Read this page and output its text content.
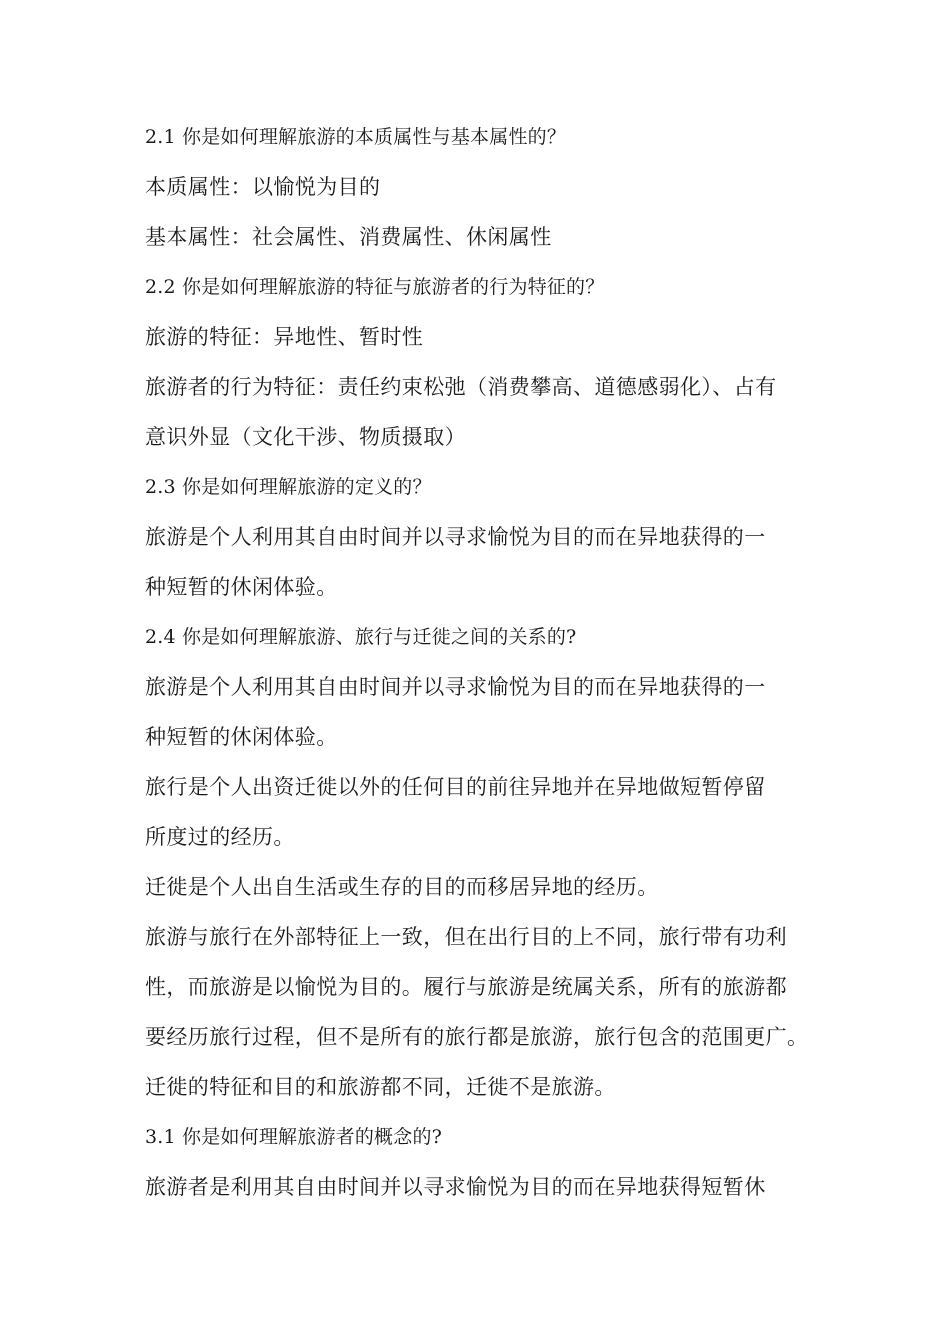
2.1 你是如何理解旅游的本质属性与基本属性的？
本质属性：以愉悦为目的
基本属性：社会属性、消费属性、休闲属性
2.2 你是如何理解旅游的特征与旅游者的行为特征的？
旅游的特征：异地性、暂时性
旅游者的行为特征：责任约束松弛（消费攀高、道德感弱化）、占有
意识外显（文化干涉、物质摄取）
2.3 你是如何理解旅游的定义的？
旅游是个人利用其自由时间并以寻求愉悦为目的而在异地获得的一
种短暂的休闲体验。
2.4 你是如何理解旅游、旅行与迁徙之间的关系的?
旅游是个人利用其自由时间并以寻求愉悦为目的而在异地获得的一
种短暂的休闲体验。
旅行是个人出资迁徙以外的任何目的前往异地并在异地做短暂停留
所度过的经历。
迁徙是个人出自生活或生存的目的而移居异地的经历。
旅游与旅行在外部特征上一致，但在出行目的上不同，旅行带有功利
性，而旅游是以愉悦为目的。履行与旅游是统属关系，所有的旅游都
要经历旅行过程，但不是所有的旅行都是旅游，旅行包含的范围更广。
迁徙的特征和目的和旅游都不同，迁徙不是旅游。
3.1 你是如何理解旅游者的概念的?
旅游者是利用其自由时间并以寻求愉悦为目的而在异地获得短暂休
